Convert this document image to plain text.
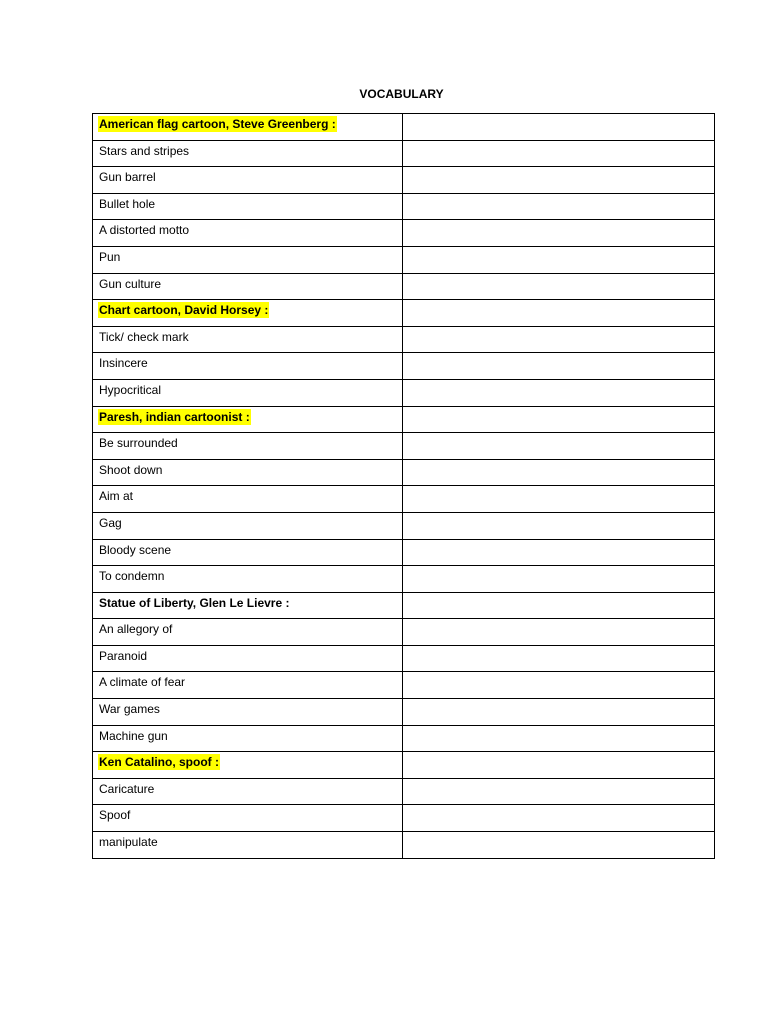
VOCABULARY
American flag cartoon, Steve Greenberg :	
Stars and stripes	
Gun barrel	
Bullet hole	
A distorted motto	
Pun	
Gun culture	
Chart cartoon, David Horsey :	
Tick/ check mark	
Insincere	
Hypocritical	
Paresh, indian cartoonist :	
Be surrounded	
Shoot down	
Aim at	
Gag	
Bloody scene	
To condemn	
Statue of Liberty, Glen Le Lievre :	
An allegory of	
Paranoid	
A climate of fear	
War games	
Machine gun	
Ken Catalino, spoof :	
Caricature	
Spoof	
manipulate	
